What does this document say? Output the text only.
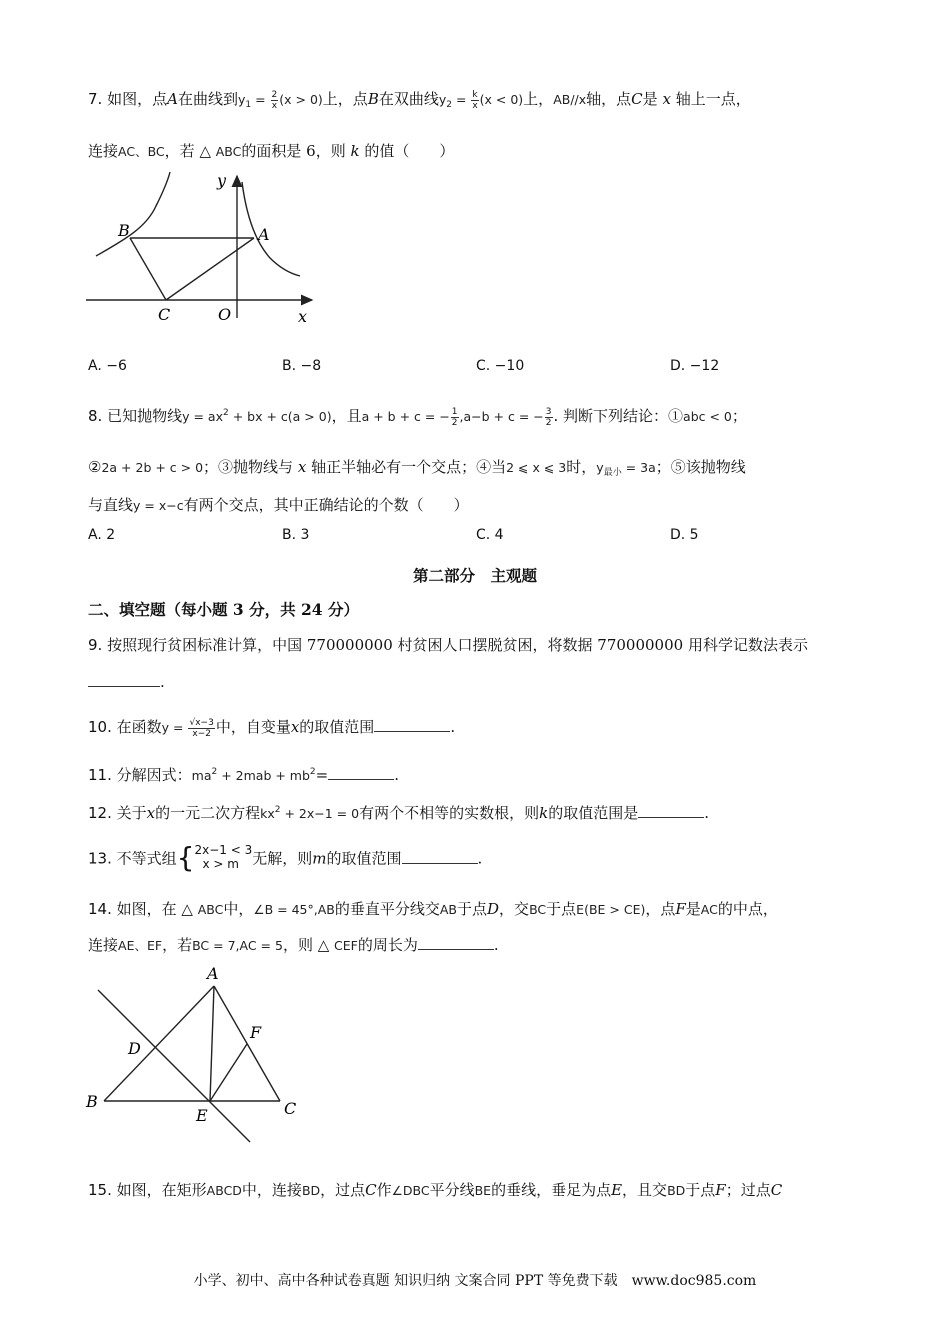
7. 如图，点A在曲线到$y_1 = \frac{2}{x} (x > 0)$上，点B在双曲线$y_2 = \frac{k}{x} (x < 0)$上，AB//x轴，点C是 x 轴上一点，
连接AC、BC，若 △ ABC的面积是 6，则 k 的值（　　）
y
B	A
C	O	x
A. −6	B. −8	C. −10	D. −12
8. 已知抛物线$y = ax^2$ + bx + c(a > 0)，且a + b + c = − $\frac{1}{2} ,a-b + c$ = − $\frac{3}{2}$ . 判断下列结论：①abc < 0；
②2a + 2b + c > 0；③抛物线与 x 轴正半轴必有一个交点；④当2 ⩽ x ⩽ 3时，$y_{最小} = 3a$；⑤该抛物线
与直线y = x−c有两个交点，其中正确结论的个数（　　）
A. 2	B. 3	C. 4	D. 5
第二部分　主观题
二、填空题（每小题 3 分，共 24 分）
9. 按照现行贫困标准计算，中国 770000000 村贫困人口摆脱贫困，将数据 770000000 用科学记数法表示
.
10. 在函数$y = \frac{√x-3}{x-2}$ 中，自变量x的取值范围	.
11. 分解因式：$ma^2 + 2mab + mb^2=$	.
12. 关于x的一元二次方程$kx^2 + 2x-1 = 0$有两个不相等的实数根，则k的取值范围是	.
13. 不等式组{ 2x−1 < 3
x > m 无解，则m的取值范围	.
14. 如图，在 △ ABC中，∠B = 45°,AB的垂直平分线交AB于点D，交BC于点E(BE > CE)，点F是AC的中点，
连接AE、EF，若BC = 7,AC = 5，则 △ CEF的周长为	.
A
D
F
B
E	C
15. 如图，在矩形ABCD中，连接BD，过点C作∠DBC平分线BE的垂线，垂足为点E，且交BD于点F；过点C
小学、初中、高中各种试卷真题 知识归纳 文案合同 PPT 等免费下载　www.doc985.com
